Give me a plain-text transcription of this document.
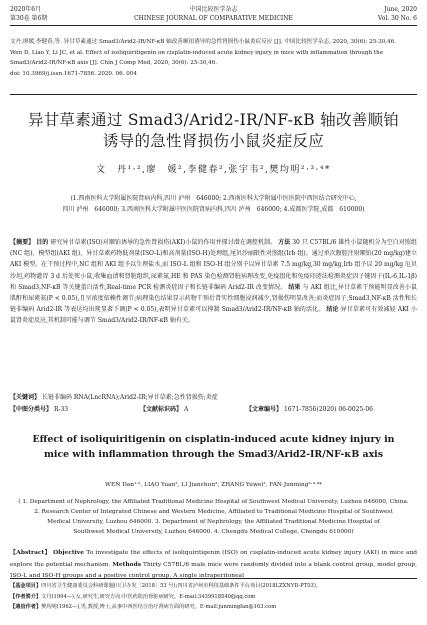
2020年6月
第30卷 第6期
中国比较医学杂志
CHINESE JOURNAL OF COMPARATIVE MEDICINE
June, 2020
Vol. 30 No. 6
文丹,廖媛,李健春,等. 异甘草素通过 Smad3/Arid2-IR/NF-κB 轴改善顺铂诱导的急性肾损伤小鼠炎症反应 [J]. 中国比较医学杂志, 2020, 30(6): 25-30,46.
Wen D, Liao Y, Li JC, et al. Effect of isoliquiritigenin on cisplatin-induced acute kidney injury in mice with inflammation through the Smad3/Arid2-IR/NF-κB axis [J]. Chin J Comp Med, 2020, 30(6): 25-30,46.
doi: 10.3969/j.issn.1671-7856. 2020. 06. 004
异甘草素通过 Smad3/Arid2-IR/NF-κB 轴改善顺铂
诱导的急性肾损伤小鼠炎症反应
文　丹¹·²,廖　媛²,李健春²,张宇韦²,樊均明²·³·⁴*
(1.西南医科大学附属医院肾病内科,四川 泸州　646000; 2.西南医科大学附属中医医院中西医结合研究中心,
四川 泸州　646000; 3.西南医科大学附属中医医院肾病内科,四川 泸州　646000; 4.成都医学院,成都　610000)
【摘要】 目的 研究异甘草素(ISO)对顺铂诱导的急性肾损伤(AKI)小鼠的作用并探讨潜在调控机制。 方法 30 只 C57BL/6 雄性小鼠随机分为空白对照组(NC 组)、模型组(AKI 组)、异甘草素药物低剂量(ISO-L)和高剂量(ISO-H)处理组,尾贝沙丽限性对照组(Irb 组)。通过单次腹腔注射顺铂(20 mg/kg)建立 AKI 模型。在干预过程中,NC 组和 AKI 组予以生理盐水,而 ISO-L 组和 ISO-H 组分别予以异甘草素 7.5 mg/kg,30 mg/kg,Irb 组予以 20 mg/kg 厄贝沙坦,药物灌胃 3 d 后处死小鼠,收集血清和肾脏组织,尿素氮,HE 和 PAS 染色检测肾脏病理改变,免疫组化和免疫印迹法检测炎症因子键因子(IL-6,IL-1β)和 Smad3,NF-κB 等关键蛋白活性,Real-time PCR 检测炎症因子和长链非编码 Arid2-IR 改变情况。 结果 与 AKI 组比,异甘草素干预能明显改善小鼠肌酐和尿素氮(P < 0.05),且呈浓度依赖性调节;病理染色结果显示药物干预后肾实性细胞浸润减少,肾损伤明显改善;而炎症因子,Smad3,NF-κB 活性和长链非编码 Arid2-IR 等表达均出现显著下调(P < 0.05),表明异甘草素可以抑制 Smad3/Arid2-IR/NF-κB 轴的活化。 结论 异甘草素可有效减轻 AKI 小鼠肾炎症反应,其机制可能与调节 Smad3/Arid2-IR/NF-κB 轴有关。
【关键词】 长链非编码 RNA(LncRNA);Arid2-IR;异甘草素;急性肾损伤;炎症
【中图分类号】 R-33	【文献标识码】 A	【文章编号】 1671-7856(2020) 06-0025-06
Effect of isoliquiritigenin on cisplatin-induced acute kidney injury in
mice with inflammation through the Smad3/Arid2-IR/NF-κB axis
WEN Dan¹·², LIAO Yuan², LI Jianchun², ZHANG Yuwei², FAN Junming²·³·⁴*
( 1. Department of Nephrology, the Affiliated Traditional Medicine Hospital of Southwest Medical University, Luzhou 646000, China.
2. Research Center of Integrated Chinese and Western Medicine, Affiliated to Traditional Medicine Hospital of Southwest
Medical University, Luzhou 646000. 3. Department of Nephrology, the Affiliated Traditional Medicine Hospital of
Southwest Medical University, Luzhou 646000. 4. Chengdu Medical College, Chengdu 610000)
【Abstract】 Objective To investigate the effects of isoliquiritigenin (ISO) on cisplatin-induced acute kidney injury (AKI) in mice and explore the potential mechanism. Methods Thirty C57BL/6 male mice were randomly divided into a blank control group, model group, ISO-L and ISO-H groups and a positive control group. A single intraperitoneal
【基金项目】四川省卫生健康委员会科研课题(川卫办发〔2018〕53 号);四川省泸州市科技基础条件平台项目(2018LZXNYD-PT03)。
【作者简介】文丹(1994—),女,研究生,研究方向:中医药防治肾脏病研究。E-mail:3439918540@qq.com
【通信作者】樊均明(1962—),男,教授,博士,从事中西医结合治疗肾病方面的研究。E-mail:junmingfan@163.com
